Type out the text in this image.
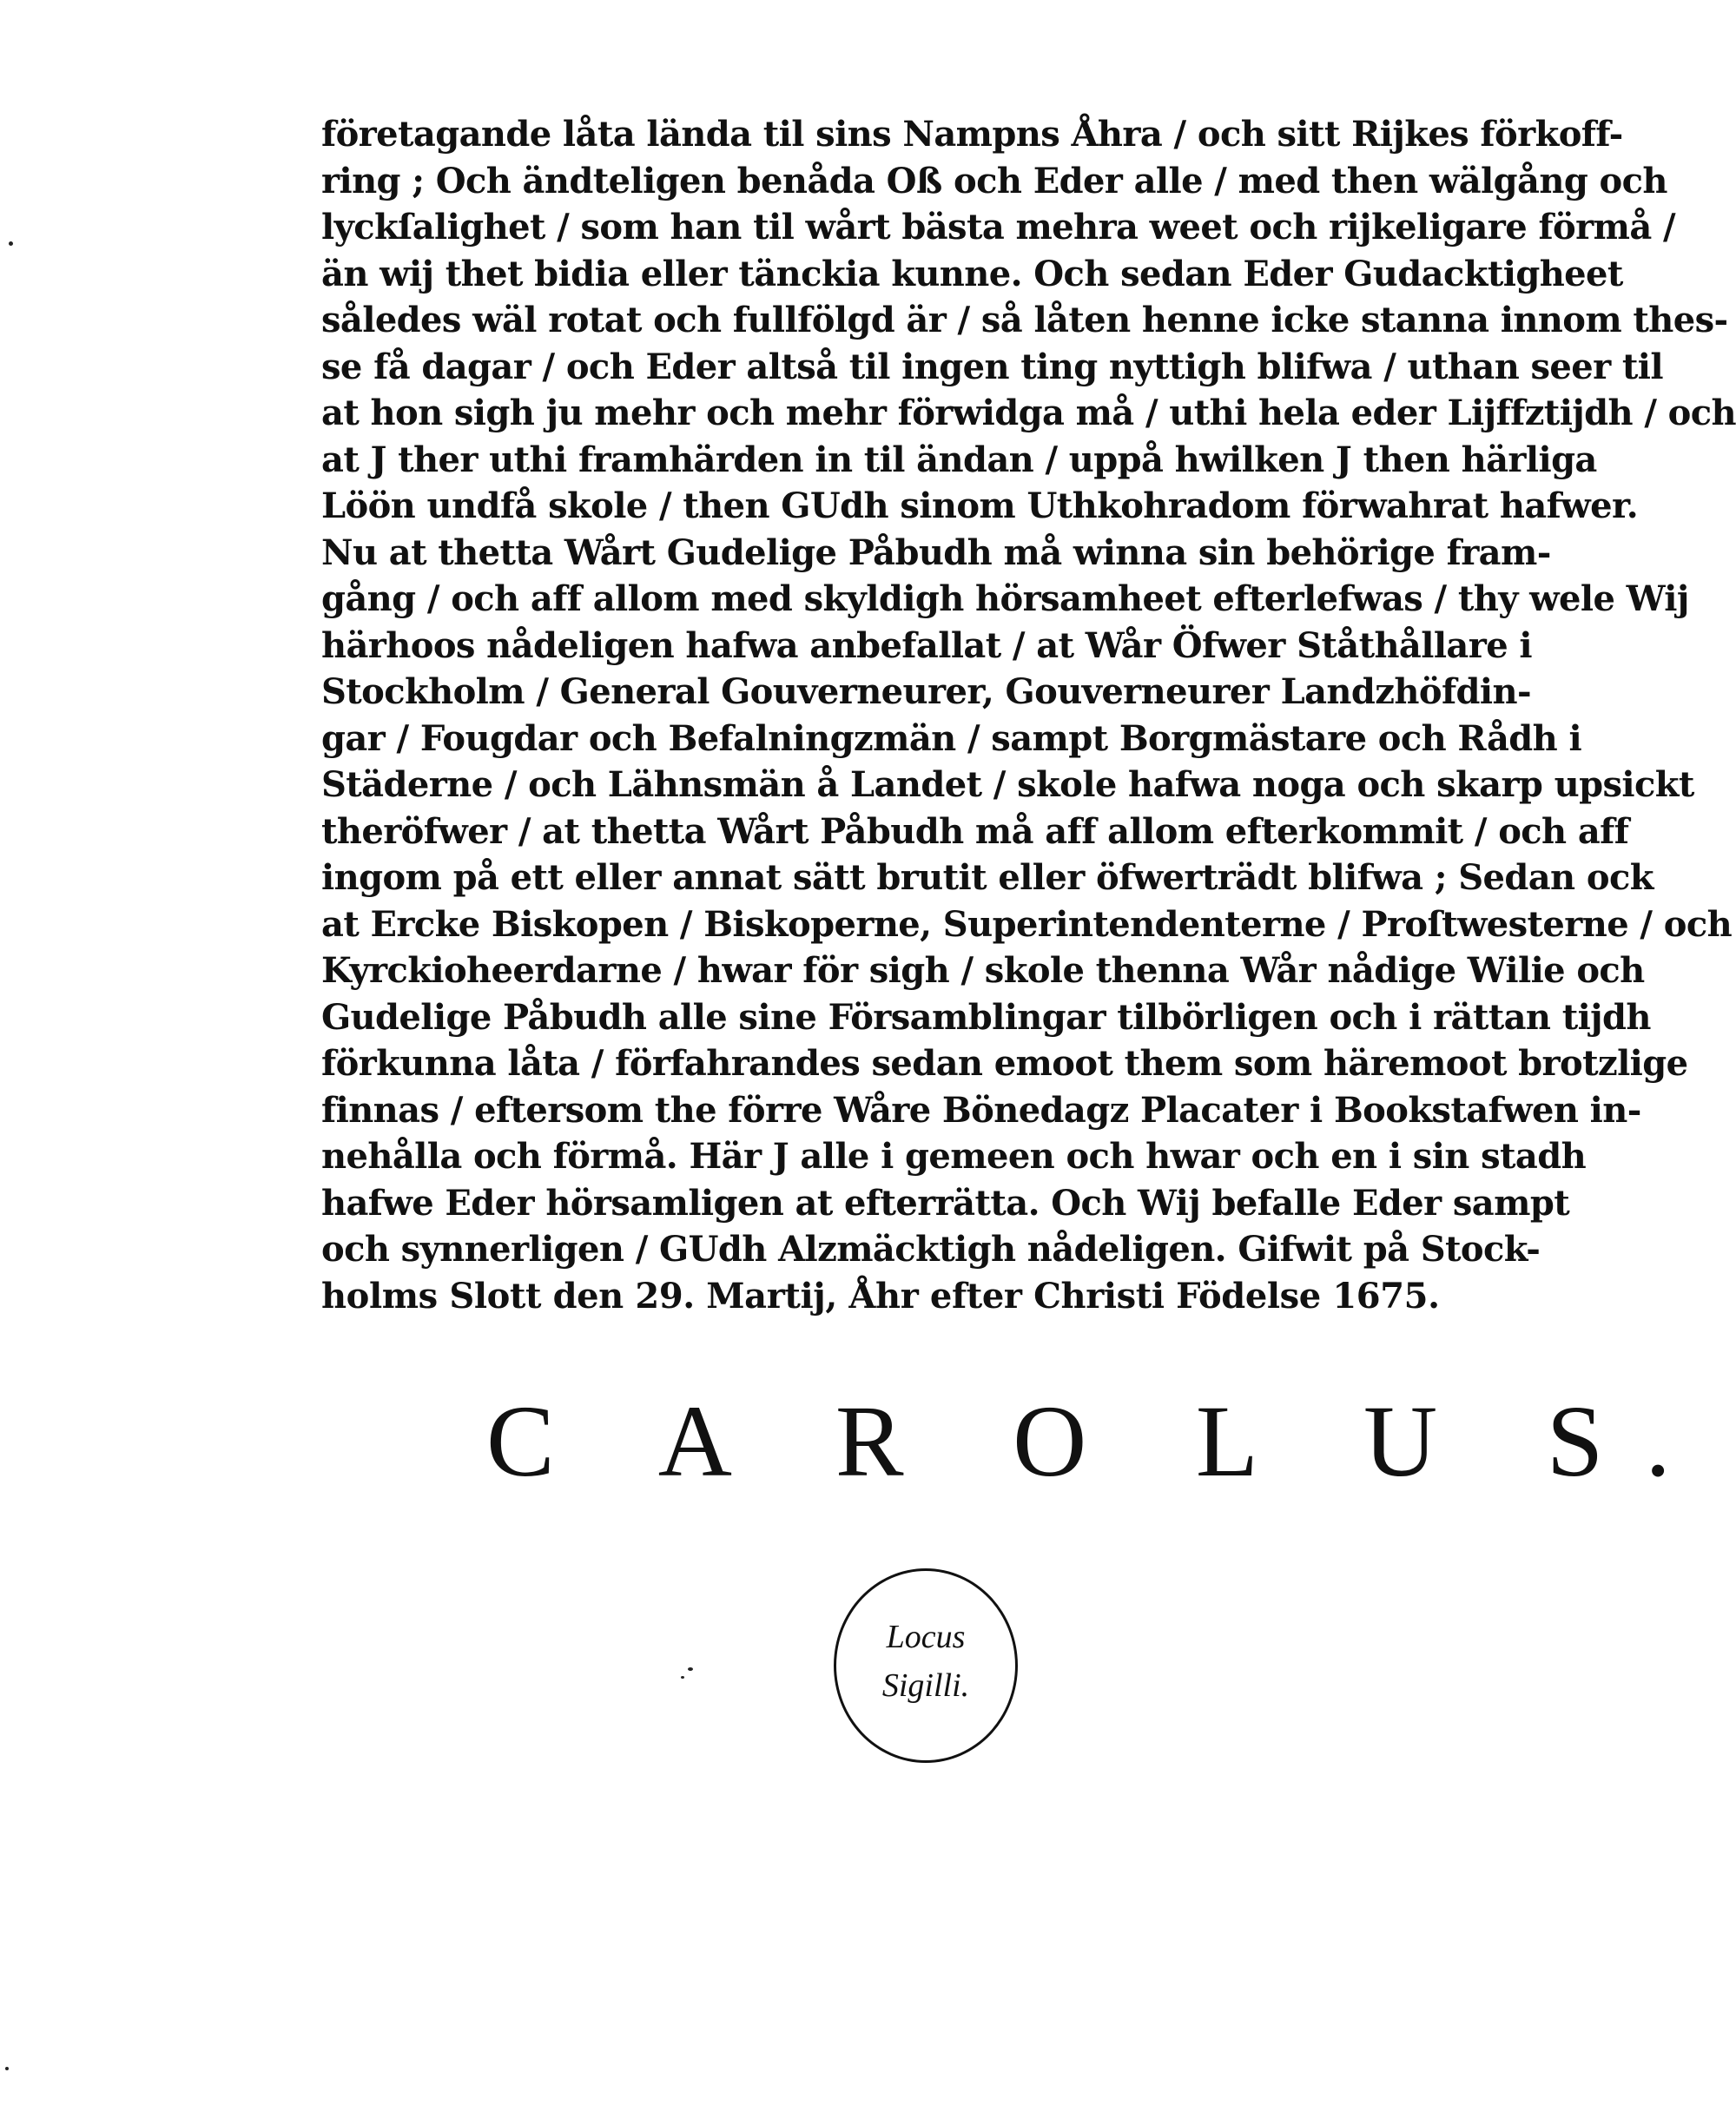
företagande låta lända til sins Nampns Åhra / och sitt Rijkes förkoff-
ring ; Och ändteligen benåda Oß och Eder alle / med then wälgång och
lyckſalighet / som han til wårt bästa mehra weet och rijkeligare förmå /
än wij thet bidia eller tänckia kunne. Och sedan Eder Gudacktigheet
således wäl rotat och fullfölgd är / så låten henne icke stanna innom thes-
se få dagar / och Eder altså til ingen ting nyttigh blifwa / uthan seer til
at hon sigh ju mehr och mehr förwidga må / uthi hela eder Lijffztijdh / och
at J ther uthi framhärden in til ändan / uppå hwilken J then härliga
Löön undfå skole / then GUdh sinom Uthkohradom förwahrat hafwer.
Nu at thetta Wårt Gudelige Påbudh må winna sin behörige fram-
gång / och aff allom med skyldigh hörsamheet efterlefwas / thy wele Wij
härhoos nådeligen hafwa anbefallat / at Wår Öfwer Ståthållare i
Stockholm / General Gouverneurer, Gouverneurer Landzhöfdin-
gar / Fougdar och Befalningzmän / sampt Borgmästare och Rådh i
Städerne / och Lähnsmän å Landet / skole hafwa noga och skarp upsickt
theröfwer / at thetta Wårt Påbudh må aff allom efterkommit / och aff
ingom på ett eller annat sätt brutit eller öfwerträdt blifwa ; Sedan ock
at Ercke Biskopen / Biskoperne, Superintendenterne / Proſtwesterne / och
Kyrckioheerdarne / hwar för sigh / skole thenna Wår nådige Wilie och
Gudelige Påbudh alle sine Församblingar tilbörligen och i rättan tijdh
förkunna låta / förfahrandes sedan emoot them som häremoot brotzlige
finnas / eftersom the förre Wåre Bönedagz Placater i Bookstafwen in-
nehålla och förmå. Här J alle i gemeen och hwar och en i sin stadh
hafwe Eder hörsamligen at efterrätta. Och Wij befalle Eder sampt
och synnerligen / GUdh Alzmäcktigh nådeligen. Gifwit på Stock-
holms Slott den 29. Martij, Åhr efter Christi Födelse 1675.
C A R O L U S.
Locus
Sigilli.
